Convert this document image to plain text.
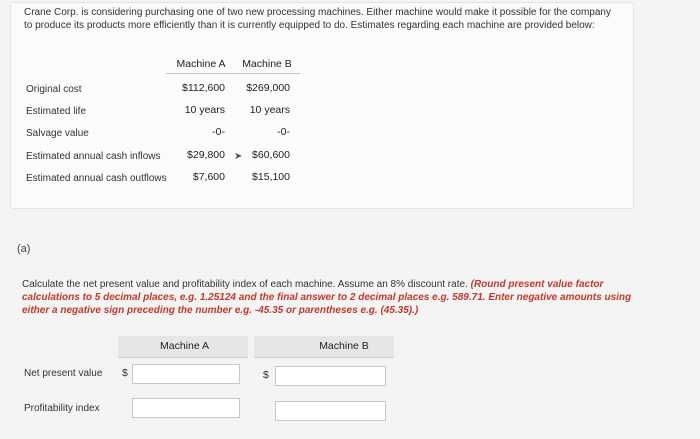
Crane Corp. is considering purchasing one of two new processing machines. Either machine would make it possible for the company to produce its products more efficiently than it is currently equipped to do. Estimates regarding each machine are provided below:
Machine A	Machine B
Original cost	$112,600	$269,000
Estimated life	10 years	10 years
Salvage value	-0-	-0-
Estimated annual cash inflows	$29,800	$60,600
Estimated annual cash outflows	$7,600	$15,100
➤
(a)
Calculate the net present value and profitability index of each machine. Assume an 8% discount rate. (Round present value factor calculations to 5 decimal places, e.g. 1.25124 and the final answer to 2 decimal places e.g. 589.71. Enter negative amounts using either a negative sign preceding the number e.g. -45.35 or parentheses e.g. (45.35).)
Machine A	Machine B
Net present value $	$
Profitability index
